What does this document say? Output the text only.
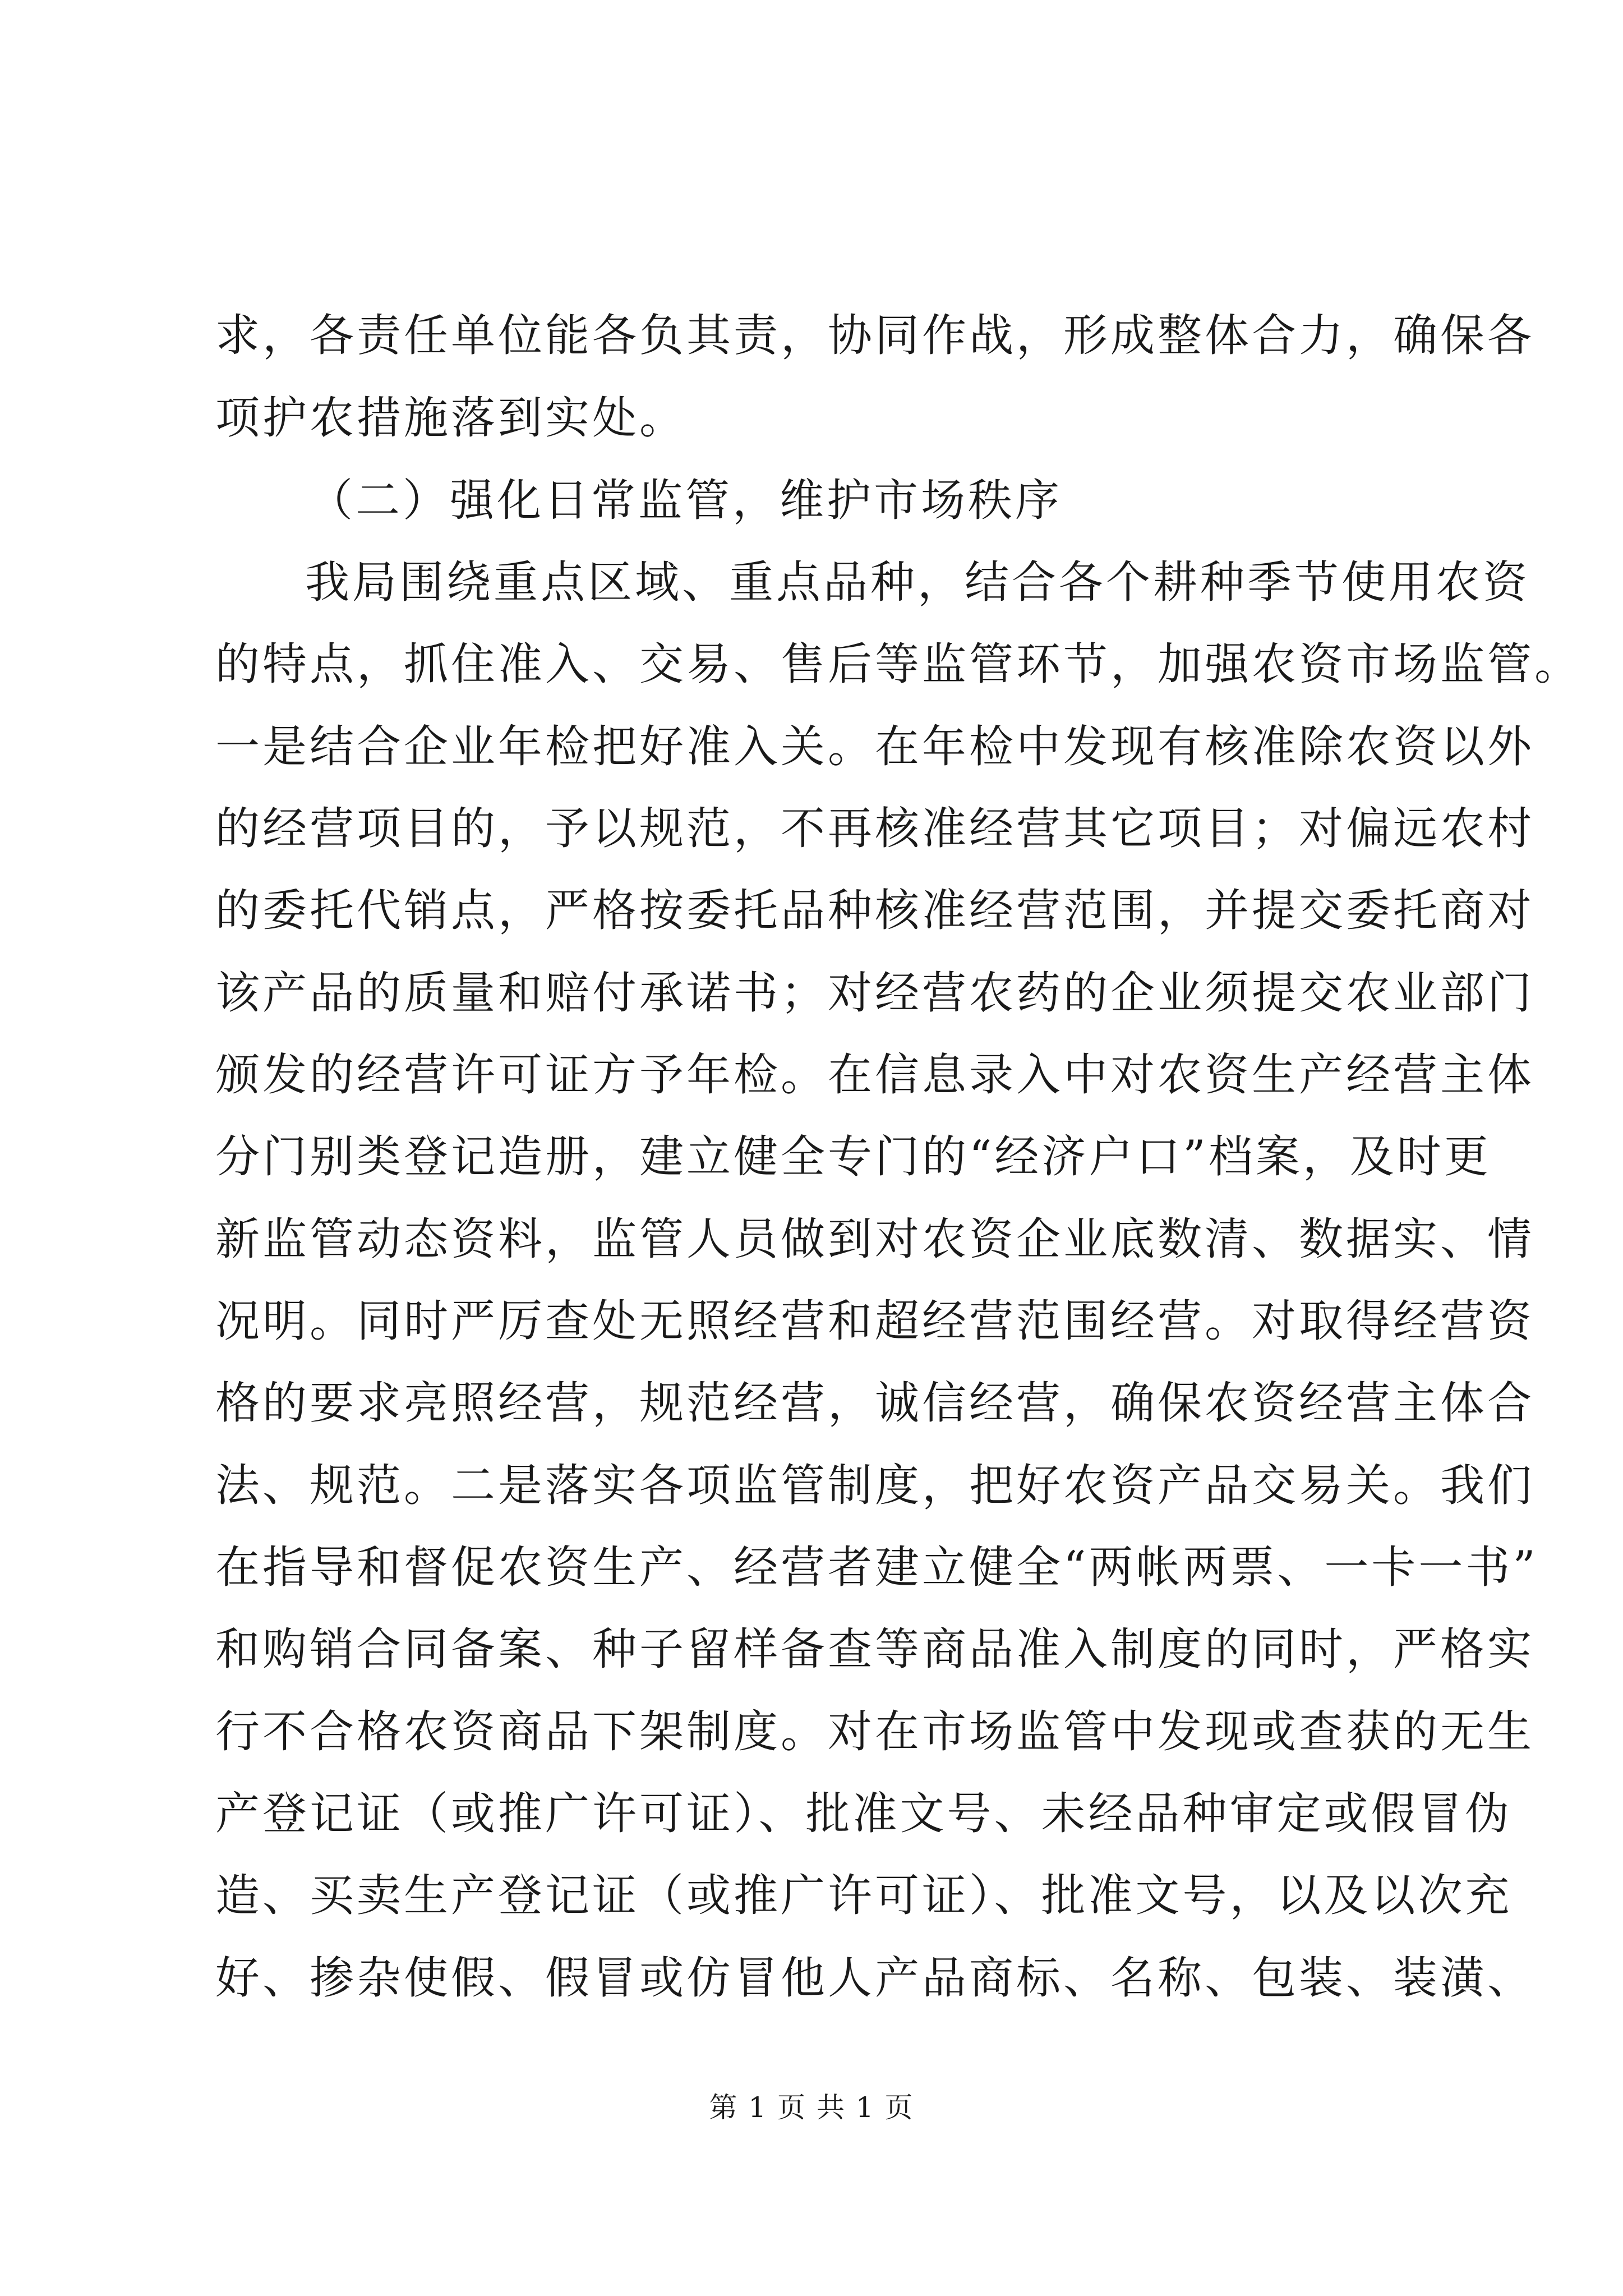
求，各责任单位能各负其责，协同作战，形成整体合力，确保各
项护农措施落到实处。
（二）强化日常监管，维护市场秩序
我局围绕重点区域、重点品种，结合各个耕种季节使用农资
的特点，抓住准入、交易、售后等监管环节，加强农资市场监管。
一是结合企业年检把好准入关。在年检中发现有核准除农资以外
的经营项目的，予以规范，不再核准经营其它项目；对偏远农村
的委托代销点，严格按委托品种核准经营范围，并提交委托商对
该产品的质量和赔付承诺书；对经营农药的企业须提交农业部门
颁发的经营许可证方予年检。在信息录入中对农资生产经营主体
分门别类登记造册，建立健全专门的“经济户口”档案，及时更
新监管动态资料，监管人员做到对农资企业底数清、数据实、情
况明。同时严厉查处无照经营和超经营范围经营。对取得经营资
格的要求亮照经营，规范经营，诚信经营，确保农资经营主体合
法、规范。二是落实各项监管制度，把好农资产品交易关。我们
在指导和督促农资生产、经营者建立健全“两帐两票、一卡一书”
和购销合同备案、种子留样备查等商品准入制度的同时，严格实
行不合格农资商品下架制度。对在市场监管中发现或查获的无生
产登记证（或推广许可证）、批准文号、未经品种审定或假冒伪
造、买卖生产登记证（或推广许可证）、批准文号，以及以次充
好、掺杂使假、假冒或仿冒他人产品商标、名称、包装、装潢、
第 1 页 共 1 页
